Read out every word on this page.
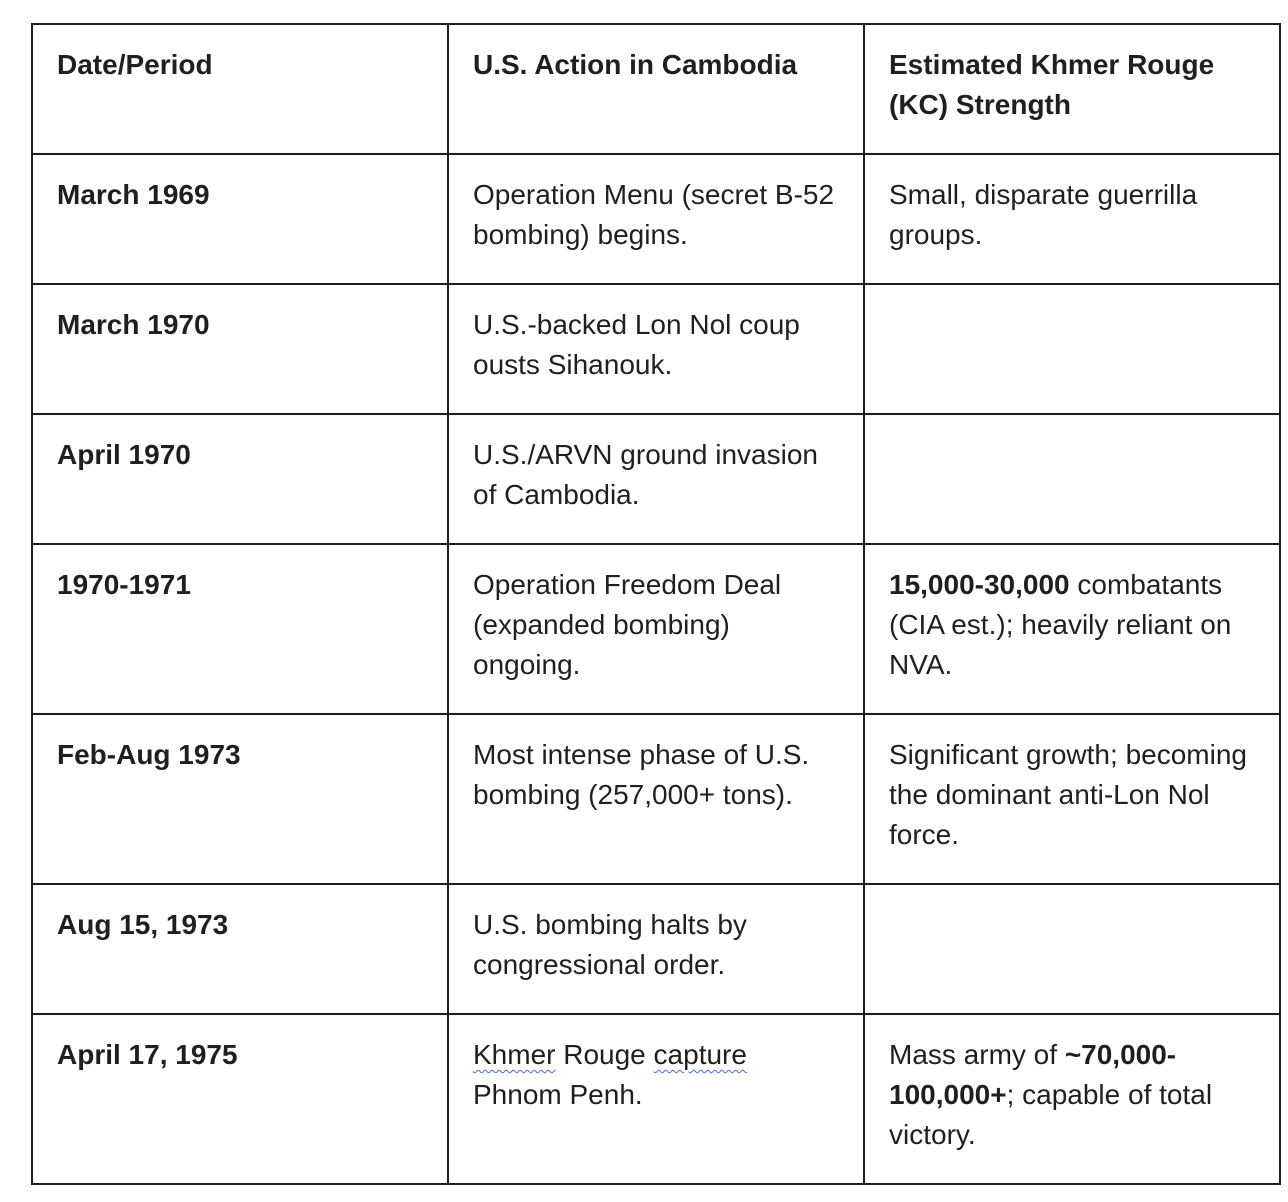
Date/Period	U.S. Action in Cambodia	Estimated Khmer Rouge (KC) Strength
March 1969	Operation Menu (secret B-52 bombing) begins.	Small, disparate guerrilla groups.
March 1970	U.S.-backed Lon Nol coup ousts Sihanouk.	
April 1970	U.S./ARVN ground invasion of Cambodia.	
1970-1971	Operation Freedom Deal (expanded bombing) ongoing.	15,000-30,000 combatants (CIA est.); heavily reliant on NVA.
Feb-Aug 1973	Most intense phase of U.S. bombing (257,000+ tons).	Significant growth; becoming the dominant anti-Lon Nol force.
Aug 15, 1973	U.S. bombing halts by congressional order.	
April 17, 1975	Khmer Rouge capture Phnom Penh.	Mass army of ~70,000-100,000+; capable of total victory.
